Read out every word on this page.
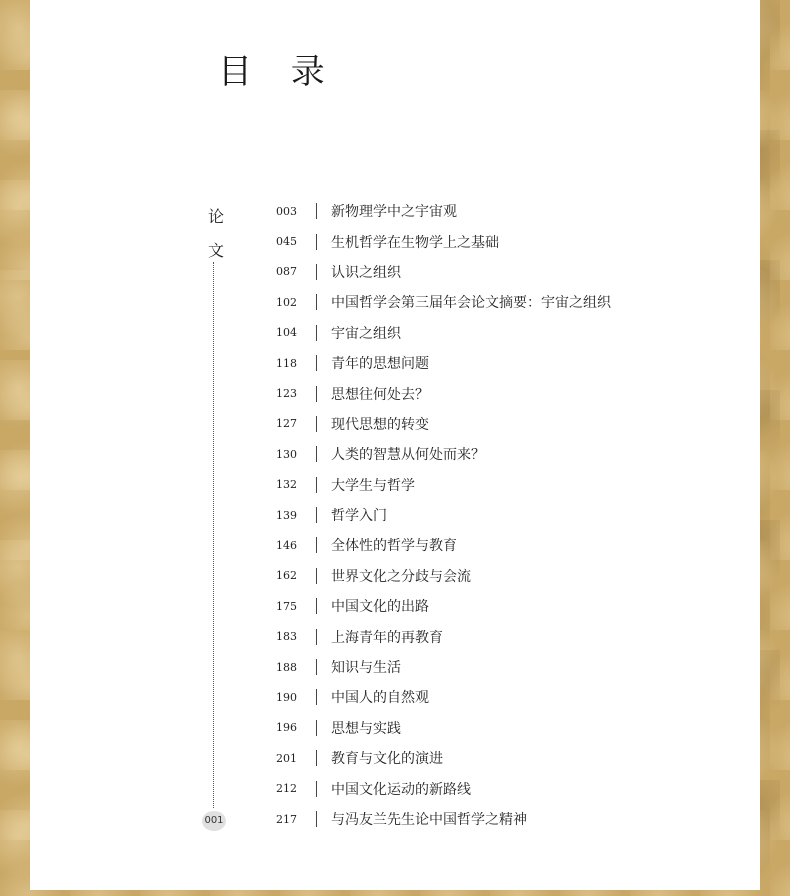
目 录
论
文
001
003	新物理学中之宇宙观
045	生机哲学在生物学上之基础
087	认识之组织
102	中国哲学会第三届年会论文摘要：宇宙之组织
104	宇宙之组织
118	青年的思想问题
123	思想往何处去？
127	现代思想的转变
130	人类的智慧从何处而来？
132	大学生与哲学
139	哲学入门
146	全体性的哲学与教育
162	世界文化之分歧与会流
175	中国文化的出路
183	上海青年的再教育
188	知识与生活
190	中国人的自然观
196	思想与实践
201	教育与文化的演进
212	中国文化运动的新路线
217	与冯友兰先生论中国哲学之精神
